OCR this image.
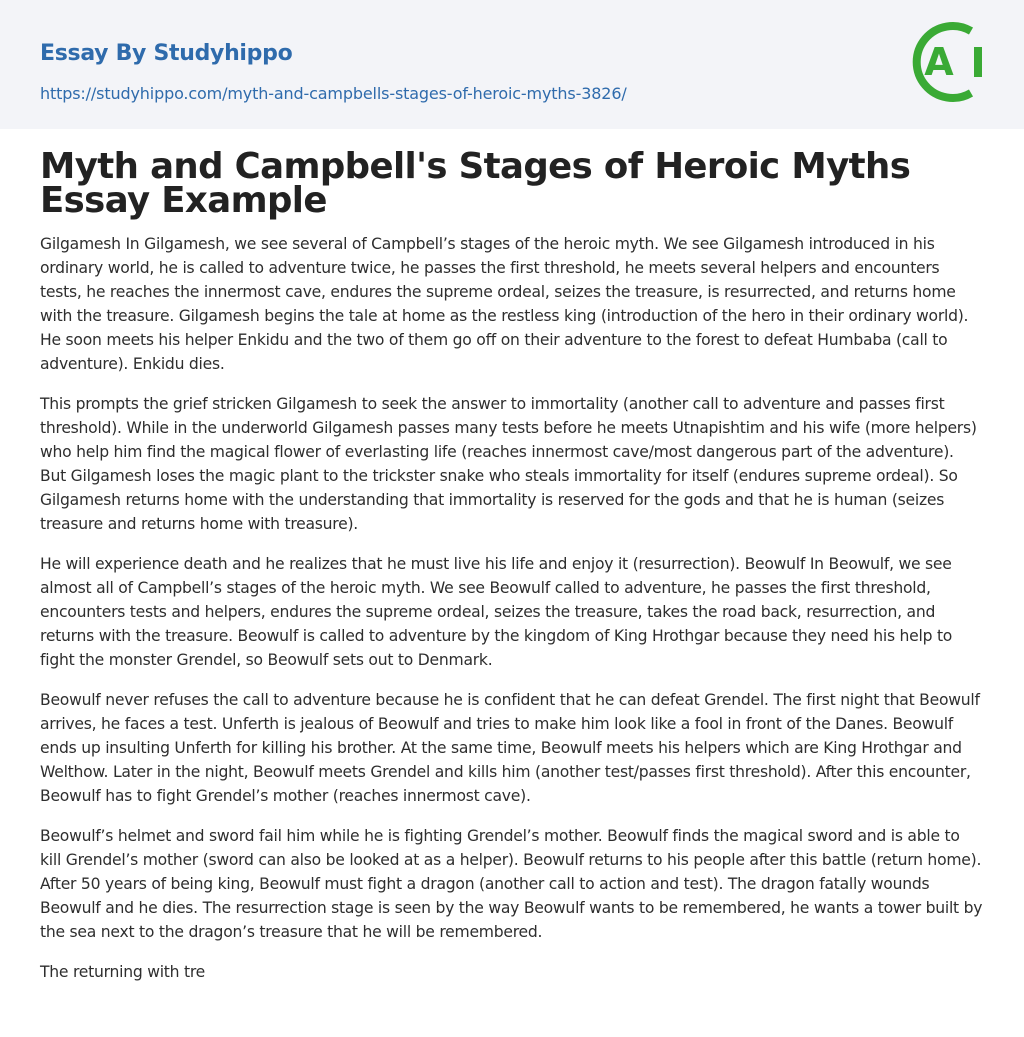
Essay By Studyhippo
https://studyhippo.com/myth-and-campbells-stages-of-heroic-myths-3826/
A
Myth and Campbell's Stages of Heroic Myths Essay Example

Gilgamesh In Gilgamesh, we see several of Campbell’s stages of the heroic myth. We see Gilgamesh introduced in his ordinary world, he is called to adventure twice, he passes the first threshold, he meets several helpers and encounters tests, he reaches the innermost cave, endures the supreme ordeal, seizes the treasure, is resurrected, and returns home with the treasure. Gilgamesh begins the tale at home as the restless king (introduction of the hero in their ordinary world). He soon meets his helper Enkidu and the two of them go off on their adventure to the forest to defeat Humbaba (call to adventure). Enkidu dies.

This prompts the grief stricken Gilgamesh to seek the answer to immortality (another call to adventure and passes first threshold). While in the underworld Gilgamesh passes many tests before he meets Utnapishtim and his wife (more helpers) who help him find the magical flower of everlasting life (reaches innermost cave/most dangerous part of the adventure). But Gilgamesh loses the magic plant to the trickster snake who steals immortality for itself (endures supreme ordeal). So Gilgamesh returns home with the understanding that immortality is reserved for the gods and that he is human (seizes treasure and returns home with treasure).

He will experience death and he realizes that he must live his life and enjoy it (resurrection). Beowulf In Beowulf, we see almost all of Campbell’s stages of the heroic myth. We see Beowulf called to adventure, he passes the first threshold, encounters tests and helpers, endures the supreme ordeal, seizes the treasure, takes the road back, resurrection, and returns with the treasure. Beowulf is called to adventure by the kingdom of King Hrothgar because they need his help to fight the monster Grendel, so Beowulf sets out to Denmark.

Beowulf never refuses the call to adventure because he is confident that he can defeat Grendel. The first night that Beowulf arrives, he faces a test. Unferth is jealous of Beowulf and tries to make him look like a fool in front of the Danes. Beowulf ends up insulting Unferth for killing his brother. At the same time, Beowulf meets his helpers which are King Hrothgar and Welthow. Later in the night, Beowulf meets Grendel and kills him (another test/passes first threshold). After this encounter, Beowulf has to fight Grendel’s mother (reaches innermost cave).

Beowulf’s helmet and sword fail him while he is fighting Grendel’s mother. Beowulf finds the magical sword and is able to kill Grendel’s mother (sword can also be looked at as a helper). Beowulf returns to his people after this battle (return home). After 50 years of being king, Beowulf must fight a dragon (another call to action and test). The dragon fatally wounds Beowulf and he dies. The resurrection stage is seen by the way Beowulf wants to be remembered, he wants a tower built by the sea next to the dragon’s treasure that he will be remembered.

The returning with tre
